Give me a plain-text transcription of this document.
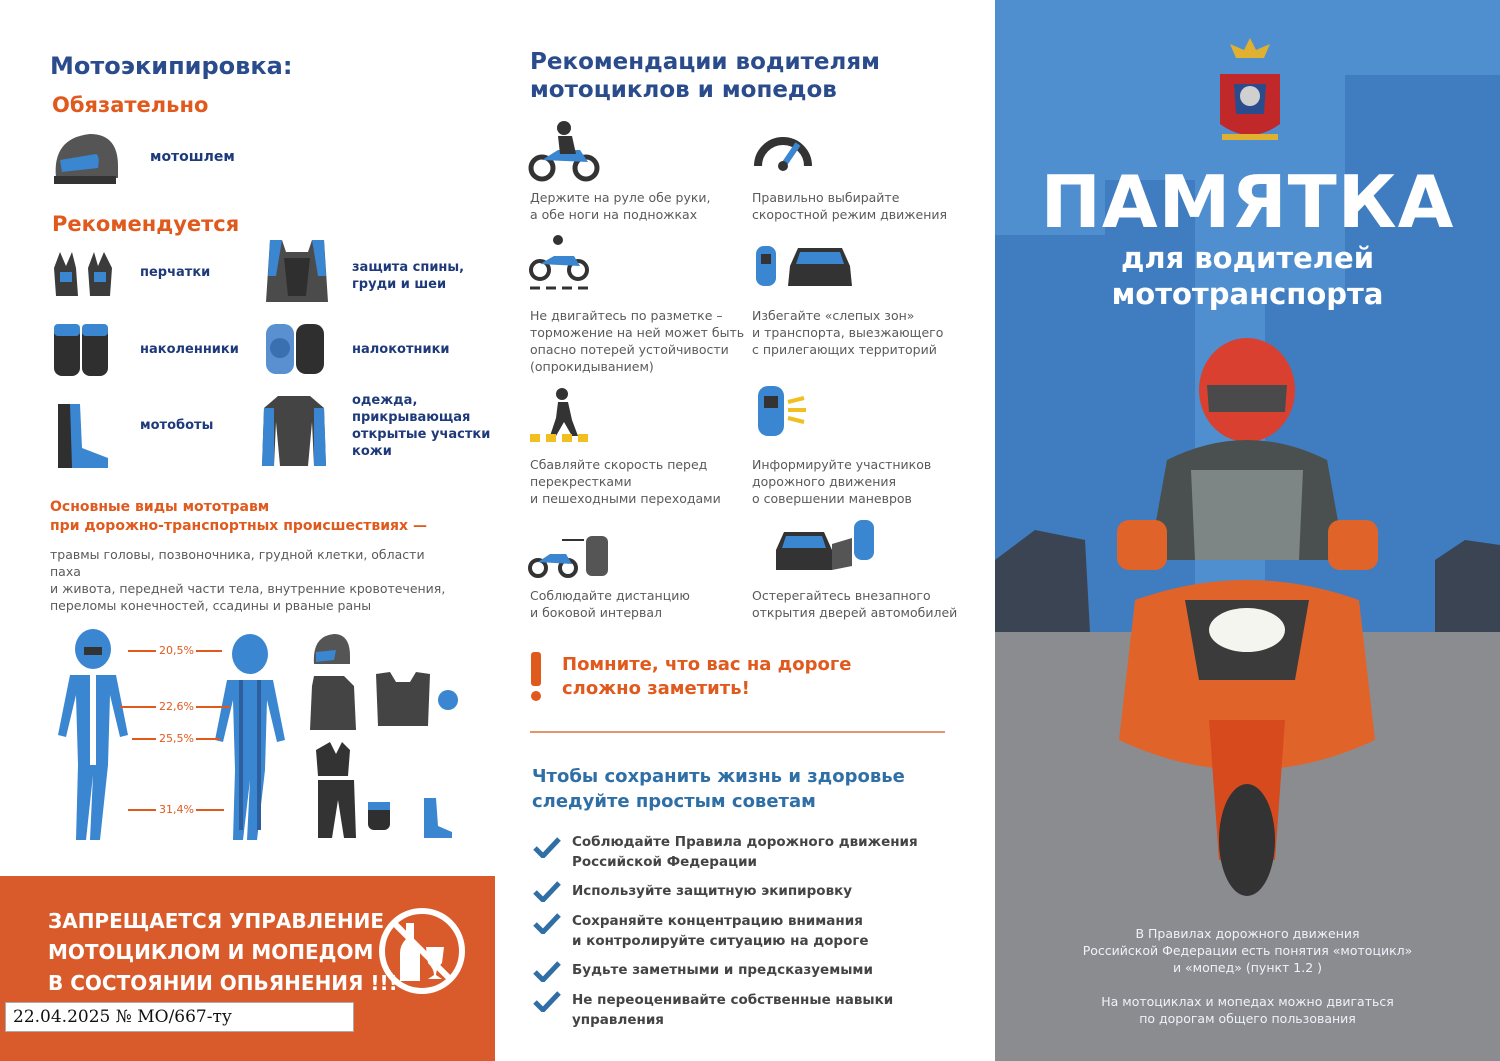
Мотоэкипировка:
Обязательно
мотошлем
Рекомендуется
перчатки	защита спины,
груди и шеи
наколенники	налокотники
мотоботы
одежда,
прикрывающая
открытые участки
кожи
Основные виды мототравм
при дорожно-транспортных происшествиях —
травмы головы, позвоночника, грудной клетки, области паха
и живота, передней части тела, внутренние кровотечения,
переломы конечностей, ссадины и рваные раны
20,5%
22,6%
25,5%
31,4%
ЗАПРЕЩАЕТСЯ УПРАВЛЕНИЕ
МОТОЦИКЛОМ И МОПЕДОМ
В СОСТОЯНИИ ОПЬЯНЕНИЯ !!!
22.04.2025 № МО/667-ту
Рекомендации водителям
мотоциклов и мопедов
Держите на руле обе руки,
а обе ноги на подножках
Правильно выбирайте
скоростной режим движения
Не двигайтесь по разметке –
торможение на ней может быть
опасно потерей устойчивости
(опрокидыванием)
Избегайте «слепых зон»
и транспорта, выезжающего
с прилегающих территорий
Сбавляйте скорость перед
перекрестками
и пешеходными переходами
Информируйте участников
дорожного движения
о совершении маневров
Соблюдайте дистанцию
и боковой интервал
Остерегайтесь внезапного
открытия дверей автомобилей
Помните, что вас на дороге
сложно заметить!
Чтобы сохранить жизнь и здоровье
следуйте простым советам
Соблюдайте Правила дорожного движения
Российской Федерации
Используйте защитную экипировку
Сохраняйте концентрацию внимания
и контролируйте ситуацию на дороге
Будьте заметными и предсказуемыми
Не переоценивайте собственные навыки
управления
ПАМЯТКА
для водителей
мототранспорта
В Правилах дорожного движения
Российской Федерации есть понятия «мотоцикл»
и «мопед» (пункт 1.2 )
На мотоциклах и мопедах можно двигаться
по дорогам общего пользования
